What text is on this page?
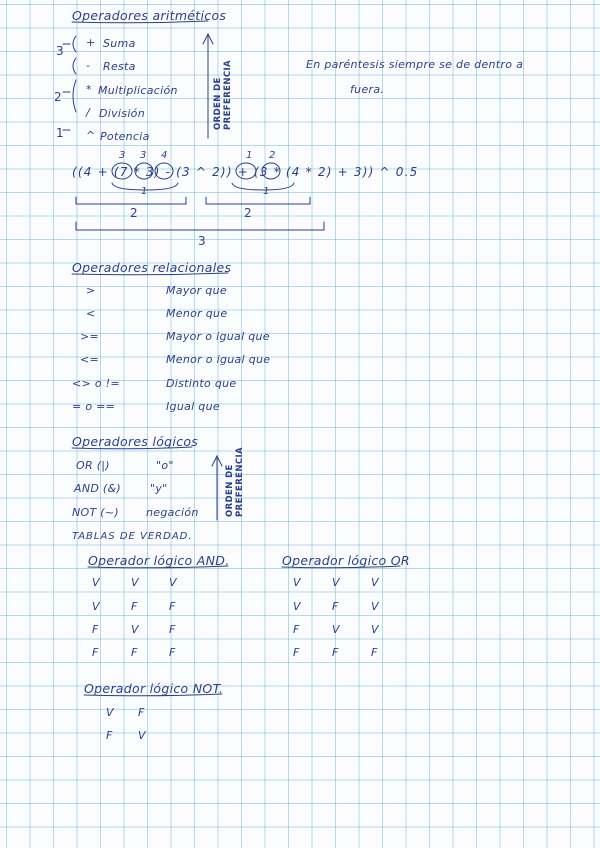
Operadores aritméticos
3
2
1
+ Suma
- Resta
* Multiplicación
/ División
^ Potencia
ORDEN DE PREFERENCIA	En paréntesis siempre se de dentro a
fuera.
((4 + (7 * 3) - (3 ^ 2)) + (3 * (4 * 2) + 3)) ^ 0.5
3 3 4	1 2
1	1
2	2
3
Operadores relacionales
>	Mayor que
<	Menor que
>=	Mayor o igual que
<=	Menor o igual que
<> o !=	Distinto que
= o ==	Igual que
Operadores lógicos
OR (|)	"o"
AND (&)	"y"
NOT (~) negación	ORDEN DE PREFERENCIA
TABLAS DE VERDAD.
Operador lógico AND.
V	V	V
V	F	F
F	V	F
F	F	F
Operador lógico OR
V	V	V
V	F	V
F	V	V
F	F	F
Operador lógico NOT.
V F
F V
